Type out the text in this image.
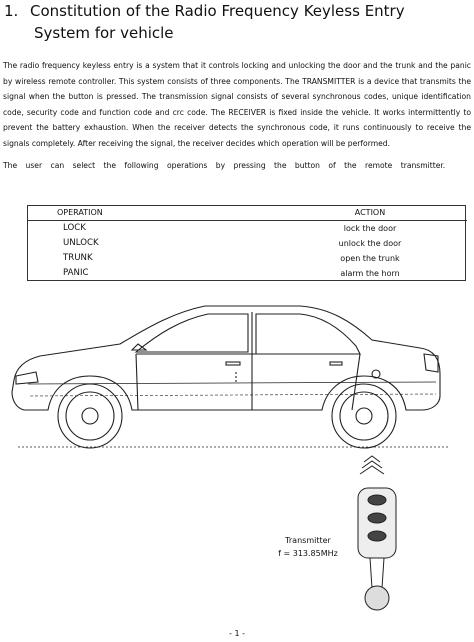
1. Constitution of the Radio Frequency Keyless Entry
System for vehicle

The radio frequency keyless entry is a system that it controls locking and unlocking the door and the trunk and the panic by wireless remote controller. This system consists of three components. The TRANSMITTER is a device that transmits the signal when the button is pressed. The transmission signal consists of several synchronous codes, unique identification code, security code and function code and crc code. The RECEIVER is fixed inside the vehicle. It works intermittently to prevent the battery exhaustion. When the receiver detects the synchronous code, it runs continuously to receive the signals completely. After receiving the signal, the receiver decides which operation will be performed.

The user can select the following operations by pressing the button of the remote transmitter.
OPERATION	ACTION
LOCK	lock the door
UNLOCK	unlock the door
TRUNK	open the trunk
PANIC	alarm the horn
Transmitter
f = 313.85MHz
- 1 -
